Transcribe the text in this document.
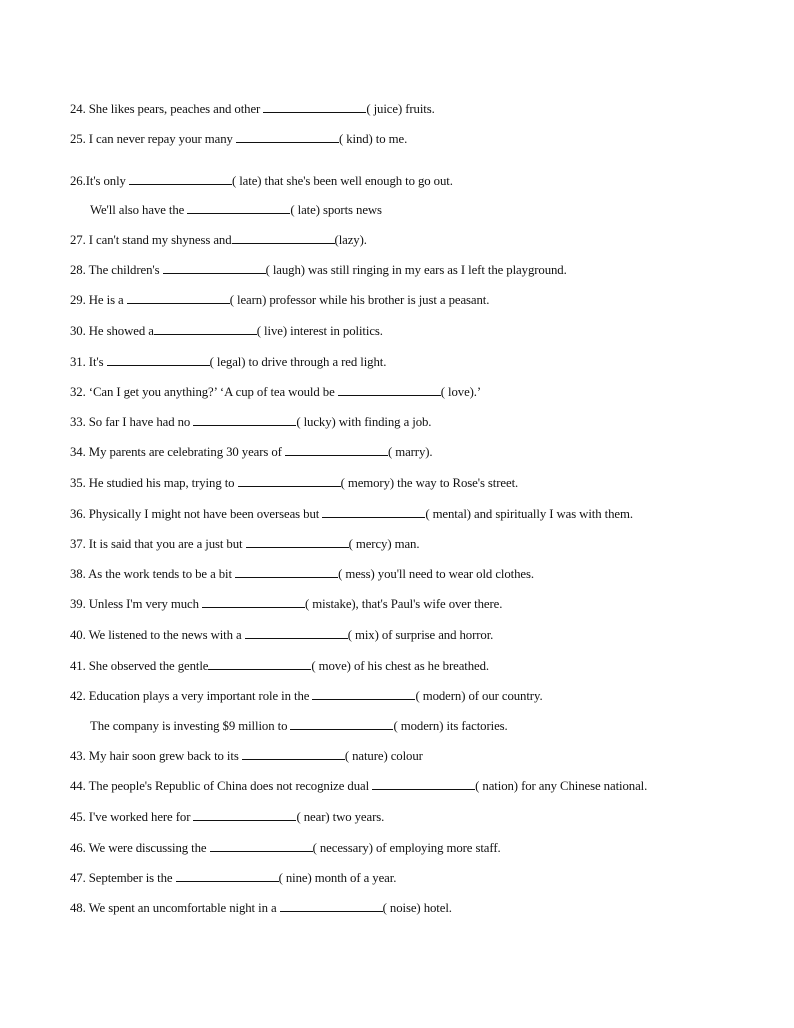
24. She likes pears, peaches and other	( juice) fruits.
25. I can never repay your many	( kind) to me.
26.It's only	( late) that she's been well enough to go out.
We'll also have the	( late) sports news
27. I can't stand my shyness and	(lazy).
28. The children's	( laugh) was still ringing in my ears as I left the playground.
29. He is a	( learn) professor while his brother is just a peasant.
30. He showed a	( live) interest in politics.
31. It's	( legal) to drive through a red light.
32. ‘Can I get you anything?’ ‘A cup of tea would be	( love).’
33. So far I have had no	( lucky) with finding a job.
34. My parents are celebrating 30 years of	( marry).
35. He studied his map, trying to	( memory) the way to Rose's street.
36. Physically I might not have been overseas but	( mental) and spiritually I was with them.
37. It is said that you are a just but	( mercy) man.
38. As the work tends to be a bit	( mess) you'll need to wear old clothes.
39. Unless I'm very much	( mistake), that's Paul's wife over there.
40. We listened to the news with a	( mix) of surprise and horror.
41. She observed the gentle	( move) of his chest as he breathed.
42. Education plays a very important role in the	( modern) of our country.
The company is investing $9 million to	( modern) its factories.
43. My hair soon grew back to its	( nature) colour
44. The people's Republic of China does not recognize dual	( nation) for any Chinese national.
45. I've worked here for	( near) two years.
46. We were discussing the	( necessary) of employing more staff.
47. September is the	( nine) month of a year.
48. We spent an uncomfortable night in a	( noise) hotel.
